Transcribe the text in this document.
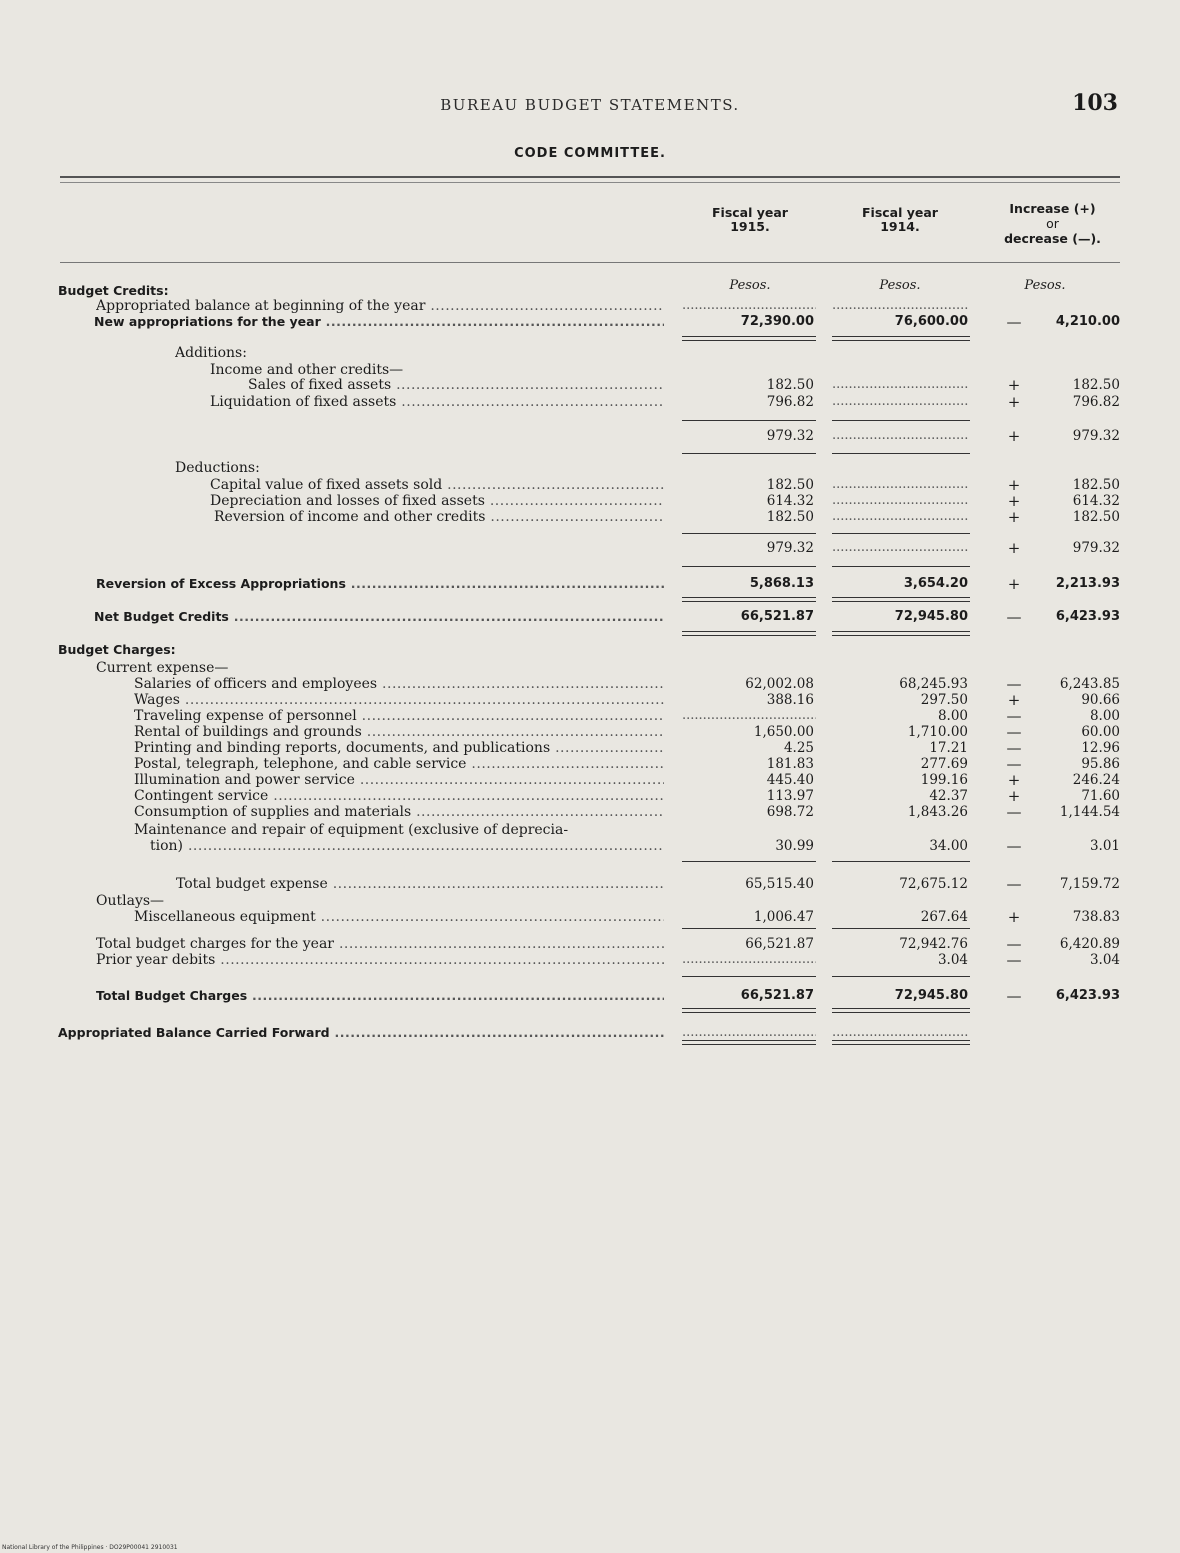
BUREAU BUDGET STATEMENTS.	103
CODE COMMITTEE.
Fiscal year
1915.
Fiscal year
1914.
Increase (+)
or
decrease (—).
Pesos.	Pesos.	Pesos.
Budget Credits:
Appropriated balance at beginning of the year .....
.....
.....
New appropriations for the year .....	72,390.00	76,600.00	—	4,210.00
Additions:
Income and other credits—
Sales of fixed assets .....	182.50 .....	+	182.50
Liquidation of fixed assets .....	796.82 .....	+	796.82
979.32 .....	+	979.32
Deductions:
Capital value of fixed assets sold .....	182.50 .....	+	182.50
Depreciation and losses of fixed assets .....	614.32 .....	+	614.32
Reversion of income and other credits .....	182.50 .....	+	182.50
979.32 .....	+	979.32
Reversion of Excess Appropriations .....	5,868.13	3,654.20	+	2,213.93
Net Budget Credits .....	66,521.87	72,945.80	—	6,423.93
Budget Charges:
Current expense—
Salaries of officers and employees .....	62,002.08	68,245.93	—	6,243.85
Wages .....	388.16	297.50	+	90.66
Traveling expense of personnel ..... .....	8.00	—	8.00
Rental of buildings and grounds .....	1,650.00	1,710.00	—	60.00
Printing and binding reports, documents, and publications .....	4.25	17.21	—	12.96
Postal, telegraph, telephone, and cable service .....	181.83	277.69	—	95.86
Illumination and power service .....	445.40	199.16	+	246.24
Contingent service .....	113.97	42.37	+	71.60
Consumption of supplies and materials .....	698.72	1,843.26	—	1,144.54
Maintenance and repair of equipment (exclusive of deprecia-
tion) .....	30.99	34.00	—	3.01
Total budget expense .....	65,515.40	72,675.12	—	7,159.72
Outlays—
Miscellaneous equipment .....	1,006.47	267.64	+	738.83
Total budget charges for the year .....	66,521.87	72,942.76	—	6,420.89
Prior year debits ..... .....	3.04	—	3.04
Total Budget Charges .....	66,521.87	72,945.80	—	6,423.93
Appropriated Balance Carried Forward .....
.....
.....
National Library of the Philippines · DO29P00041 2910031
